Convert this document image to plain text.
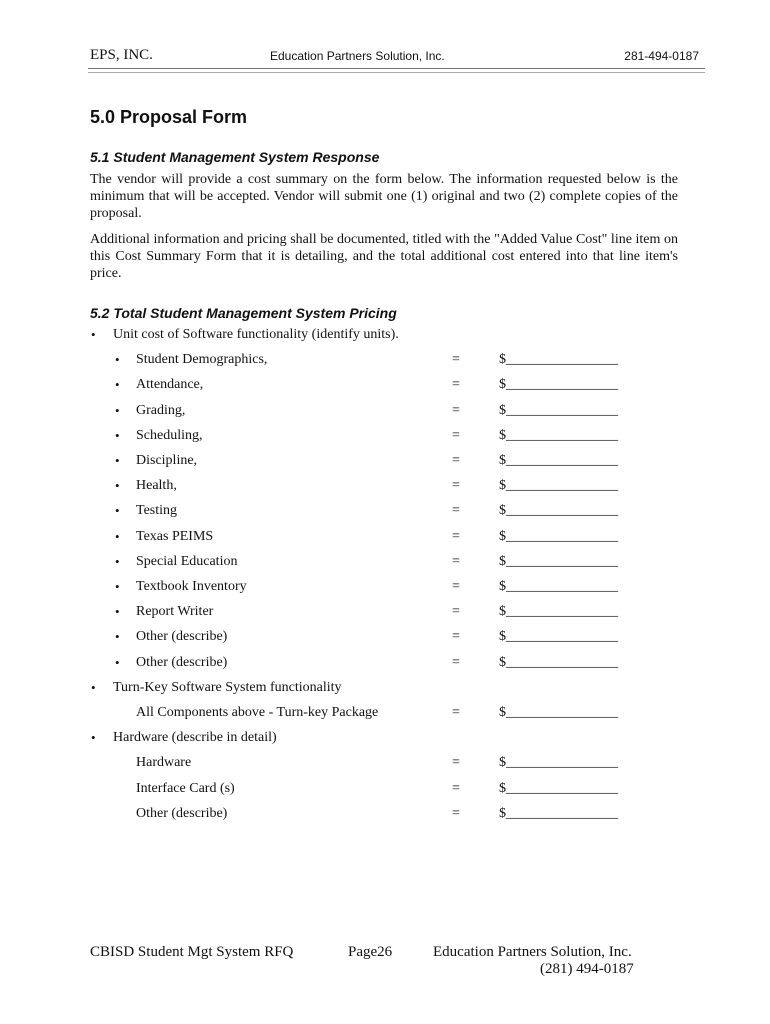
EPS, INC.	Education Partners Solution, Inc.	281-494-0187
5.0 Proposal Form
5.1 Student Management System Response

The vendor will provide a cost summary on the form below. The information requested below is the minimum that will be accepted. Vendor will submit one (1) original and two (2) complete copies of the proposal.

Additional information and pricing shall be documented, titled with the "Added Value Cost" line item on this Cost Summary Form that it is detailing, and the total additional cost entered into that line item's price.

5.2 Total Student Management System Pricing
• Unit cost of Software functionality (identify units).
• Student Demographics,	=	$________________
• Attendance,	=	$________________
• Grading,	=	$________________
• Scheduling,	=	$________________
• Discipline,	=	$________________
• Health,	=	$________________
• Testing	=	$________________
• Texas PEIMS	=	$________________
• Special Education	=	$________________
• Textbook Inventory	=	$________________
• Report Writer	=	$________________
• Other (describe)	=	$________________
• Other (describe)	=	$________________
• Turn-Key Software System functionality
All Components above - Turn-key Package	=	$________________
• Hardware (describe in detail)
Hardware	=	$________________
Interface Card (s)	=	$________________
Other (describe)	=	$________________
CBISD Student Mgt System RFQ	Page26	Education Partners Solution, Inc.
(281) 494-0187
